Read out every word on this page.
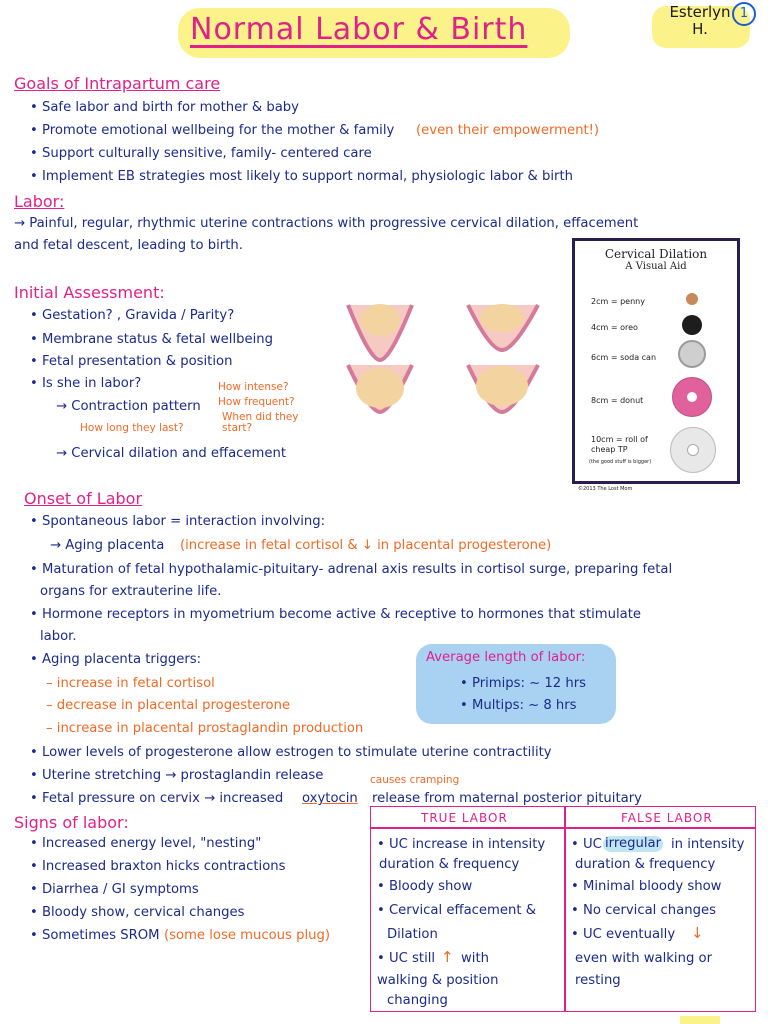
Normal Labor & Birth	Esterlyn H.
1
Goals of Intrapartum care
• Safe labor and birth for mother & baby
• Promote emotional wellbeing for the mother & family (even their empowerment!)
• Support culturally sensitive, family- centered care
• Implement EB strategies most likely to support normal, physiologic labor & birth
Labor:
→ Painful, regular, rhythmic uterine contractions with progressive cervical dilation, effacement
and fetal descent, leading to birth.
Initial Assessment:
• Gestation? , Gravida / Parity?
• Membrane status & fetal wellbeing
• Fetal presentation & position
• Is she in labor?
→ Contraction pattern
How intense?
How frequent?
How long they last?
When did they start?
→ Cervical dilation and effacement
Cervical Dilation
A Visual Aid
2cm = penny
4cm = oreo
6cm = soda can
8cm = donut
10cm = roll of cheap TP
(the good stuff is bigger)
©2013 The Lost Mom
Onset of Labor
• Spontaneous labor = interaction involving:
→ Aging placenta (increase in fetal cortisol & ↓ in placental progesterone)
• Maturation of fetal hypothalamic-pituitary- adrenal axis results in cortisol surge, preparing fetal
organs for extrauterine life.
• Hormone receptors in myometrium become active & receptive to hormones that stimulate
labor.
• Aging placenta triggers:
– increase in fetal cortisol
– decrease in placental progesterone
– increase in placental prostaglandin production
• Lower levels of progesterone allow estrogen to stimulate uterine contractility
• Uterine stretching → prostaglandin release	causes cramping
• Fetal pressure on cervix → increased oxytocin release from maternal posterior pituitary
Average length of labor:
• Primips: ~ 12 hrs
• Multips: ~ 8 hrs
Signs of labor:
• Increased energy level, "nesting"
• Increased braxton hicks contractions
• Diarrhea / GI symptoms
• Bloody show, cervical changes
• Sometimes SROM (some lose mucous plug)
TRUE LABOR	FALSE LABOR
• UC increase in intensity
duration & frequency
• Bloody show
• Cervical effacement &
Dilation
• UC still ↑ with
walking & position
changing
• UC irregular in intensity
duration & frequency
• Minimal bloody show
• No cervical changes
• UC eventually ↓
even with walking or
resting
